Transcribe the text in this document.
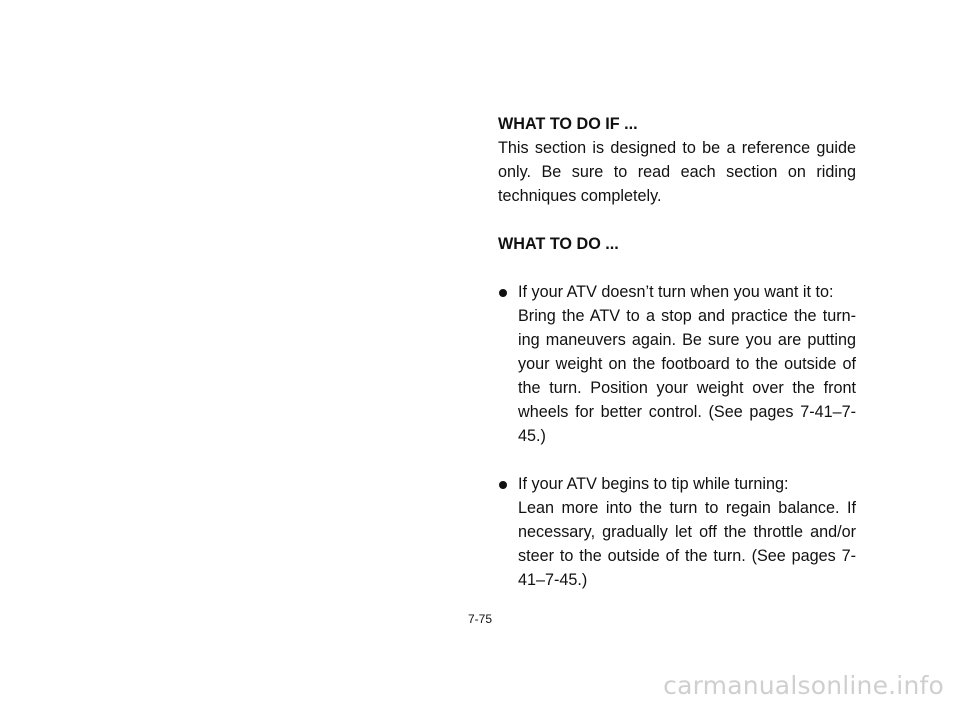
WHAT TO DO IF ...

This section is designed to be a reference guide only. Be sure to read each section on riding techniques completely.

WHAT TO DO ...

If your ATV doesn’t turn when you want it to:

Bring the ATV to a stop and practice the turn-ing maneuvers again. Be sure you are putting your weight on the footboard to the outside of the turn. Position your weight over the front wheels for better control. (See pages 7-41–7-45.)

If your ATV begins to tip while turning:

Lean more into the turn to regain balance. If necessary, gradually let off the throttle and/or steer to the outside of the turn. (See pages 7-41–7-45.)

7-75
carmanualsonline.info
